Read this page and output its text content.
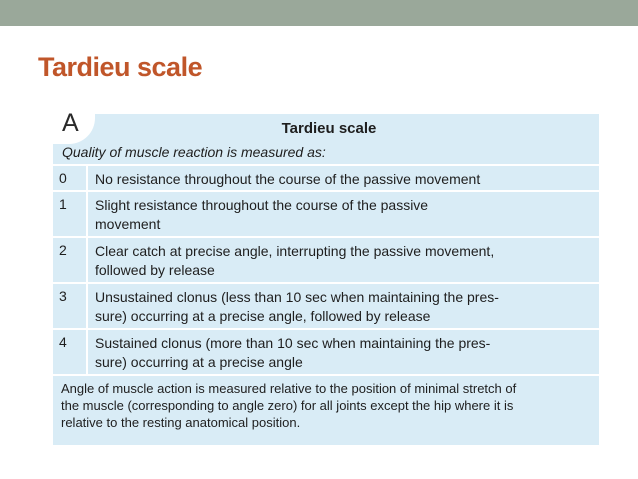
Tardieu scale
A	Tardieu scale
Quality of muscle reaction is measured as:
0 No resistance throughout the course of the passive movement
1 Slight resistance throughout the course of the passive
movement
2 Clear catch at precise angle, interrupting the passive movement,
followed by release
3 Unsustained clonus (less than 10 sec when maintaining the pres-
sure) occurring at a precise angle, followed by release
4 Sustained clonus (more than 10 sec when maintaining the pres-
sure) occurring at a precise angle
Angle of muscle action is measured relative to the position of minimal stretch of
the muscle (corresponding to angle zero) for all joints except the hip where it is
relative to the resting anatomical position.
